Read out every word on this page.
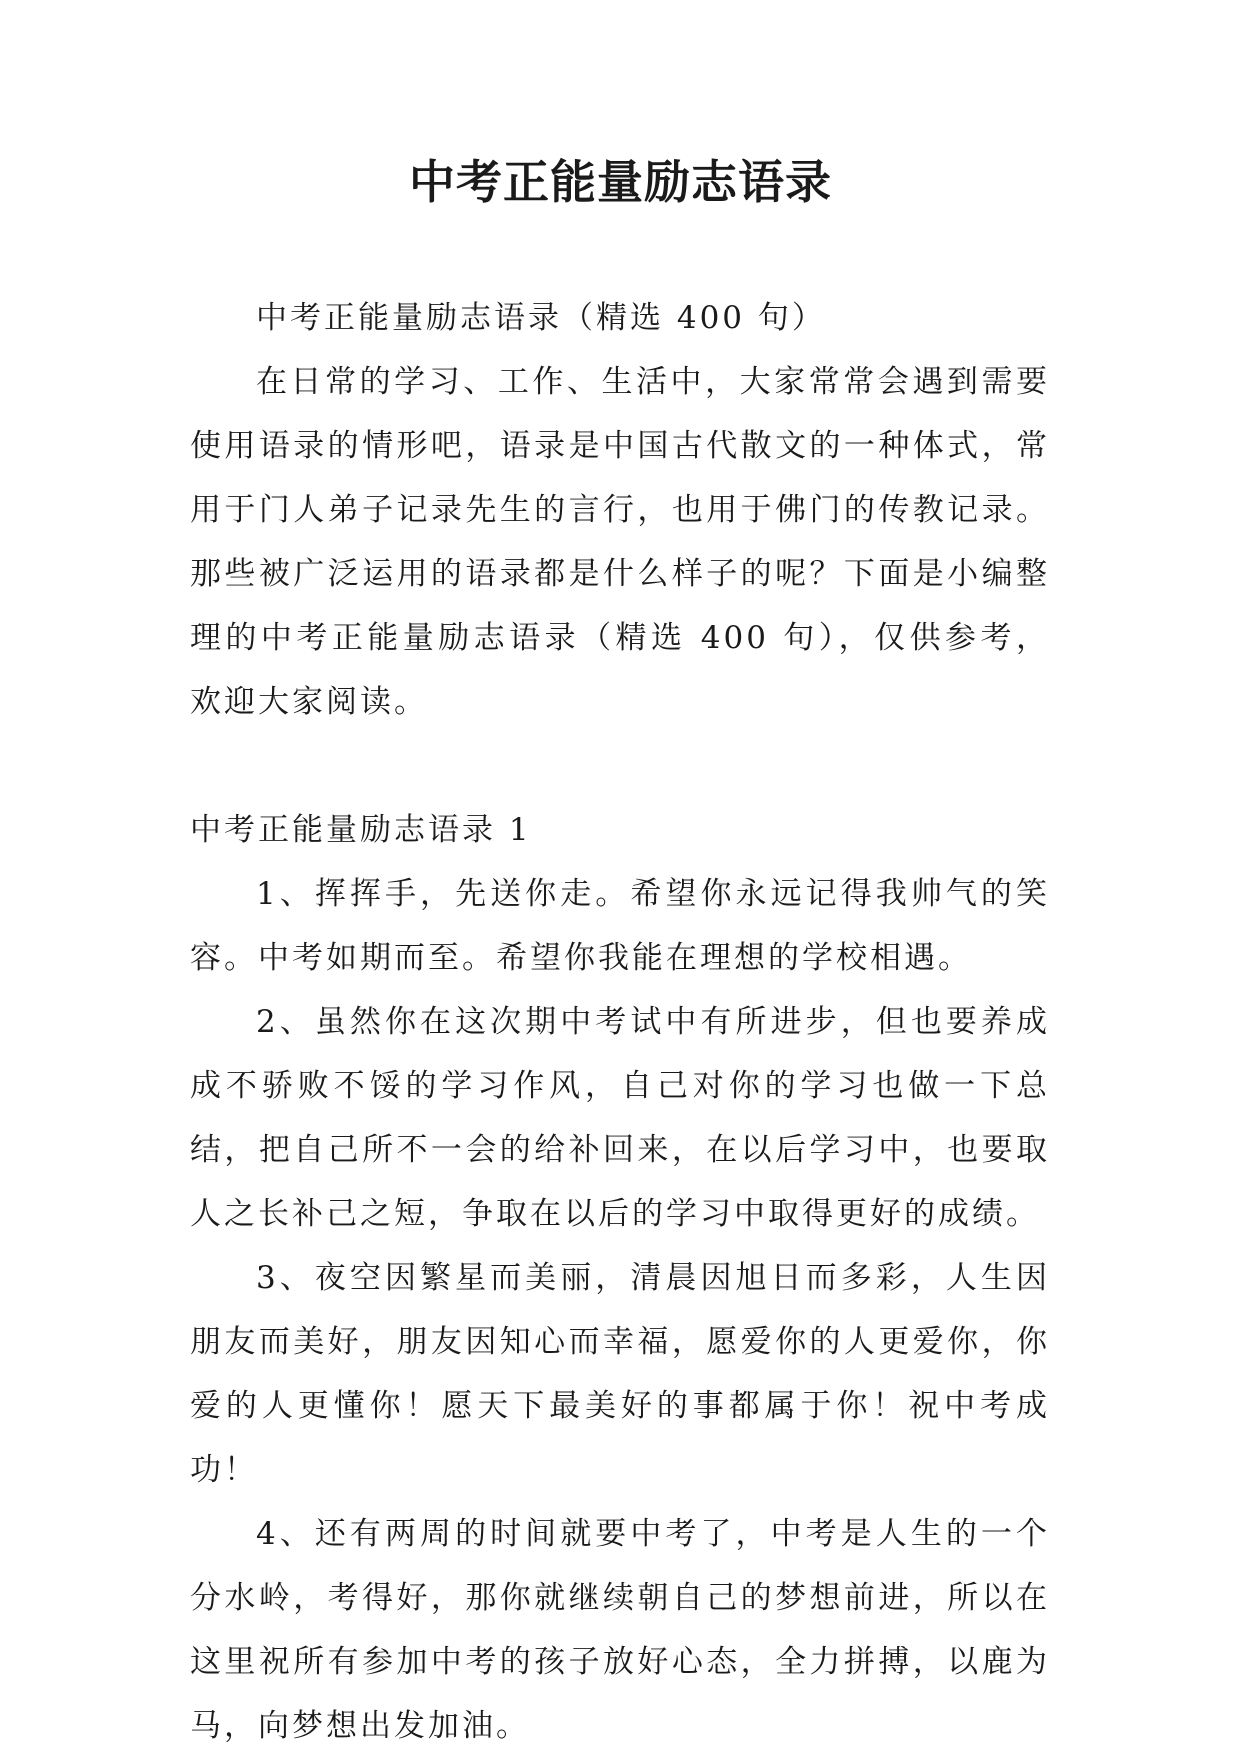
中考正能量励志语录

中考正能量励志语录（精选 400 句）

在日常的学习、工作、生活中，大家常常会遇到需要使用语录的情形吧，语录是中国古代散文的一种体式，常用于门人弟子记录先生的言行，也用于佛门的传教记录。那些被广泛运用的语录都是什么样子的呢？下面是小编整理的中考正能量励志语录（精选 400 句），仅供参考，欢迎大家阅读。

中考正能量励志语录 1

1、挥挥手，先送你走。希望你永远记得我帅气的笑容。中考如期而至。希望你我能在理想的学校相遇。

2、虽然你在这次期中考试中有所进步，但也要养成成不骄败不馁的学习作风，自己对你的学习也做一下总结，把自己所不一会的给补回来，在以后学习中，也要取人之长补己之短，争取在以后的学习中取得更好的成绩。

3、夜空因繁星而美丽，清晨因旭日而多彩，人生因朋友而美好，朋友因知心而幸福，愿爱你的人更爱你，你爱的人更懂你！愿天下最美好的事都属于你！祝中考成功！

4、还有两周的时间就要中考了，中考是人生的一个分水岭，考得好，那你就继续朝自己的梦想前进，所以在这里祝所有参加中考的孩子放好心态，全力拼搏，以鹿为马，向梦想出发加油。
